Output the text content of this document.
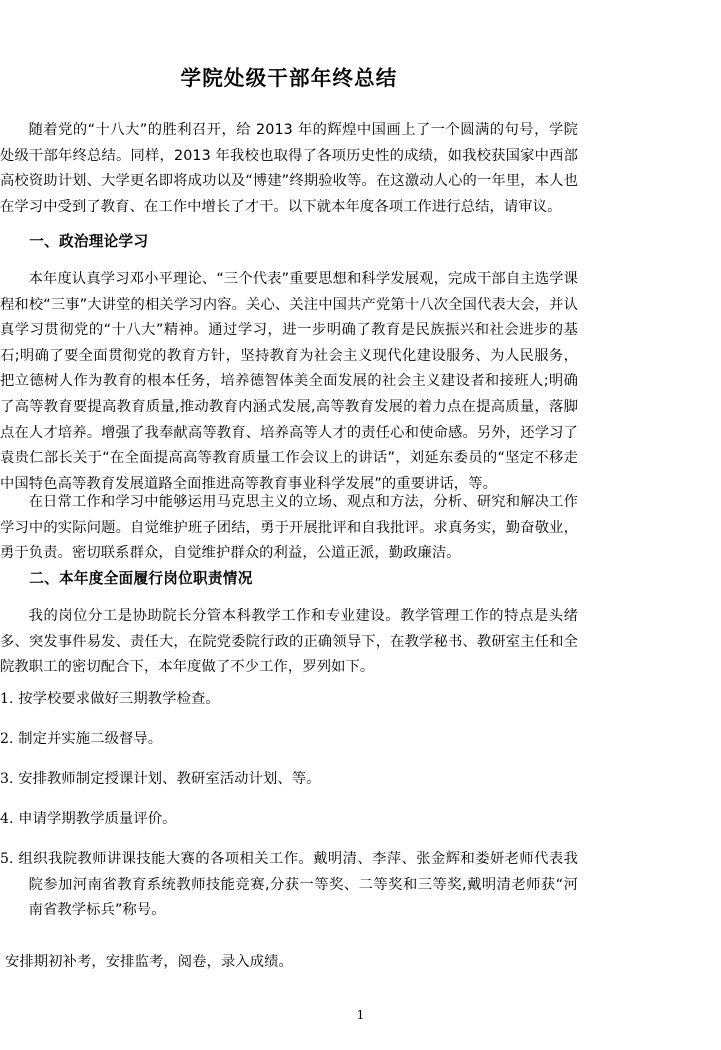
学院处级干部年终总结

随着党的“十八大”的胜利召开，给 2013 年的辉煌中国画上了一个圆满的句号，学院处级干部年终总结。同样，2013 年我校也取得了各项历史性的成绩，如我校获国家中西部高校资助计划、大学更名即将成功以及“博建”终期验收等。在这激动人心的一年里，本人也在学习中受到了教育、在工作中增长了才干。以下就本年度各项工作进行总结，请审议。

一、政治理论学习

本年度认真学习邓小平理论、“三个代表”重要思想和科学发展观，完成干部自主选学课程和校“三事”大讲堂的相关学习内容。关心、关注中国共产党第十八次全国代表大会，并认真学习贯彻党的“十八大”精神。通过学习，进一步明确了教育是民族振兴和社会进步的基石;明确了要全面贯彻党的教育方针，坚持教育为社会主义现代化建设服务、为人民服务，把立德树人作为教育的根本任务，培养德智体美全面发展的社会主义建设者和接班人;明确了高等教育要提高教育质量,推动教育内涵式发展,高等教育发展的着力点在提高质量，落脚点在人才培养。增强了我奉献高等教育、培养高等人才的责任心和使命感。另外，还学习了袁贵仁部长关于“在全面提高高等教育质量工作会议上的讲话”，刘延东委员的“坚定不移走中国特色高等教育发展道路全面推进高等教育事业科学发展”的重要讲话，等。

在日常工作和学习中能够运用马克思主义的立场、观点和方法，分析、研究和解决工作学习中的实际问题。自觉维护班子团结，勇于开展批评和自我批评。求真务实，勤奋敬业，勇于负责。密切联系群众，自觉维护群众的利益，公道正派，勤政廉洁。

二、本年度全面履行岗位职责情况

我的岗位分工是协助院长分管本科教学工作和专业建设。教学管理工作的特点是头绪多、突发事件易发、责任大，在院党委院行政的正确领导下，在教学秘书、教研室主任和全院教职工的密切配合下，本年度做了不少工作，罗列如下。

1. 按学校要求做好三期教学检查。
2. 制定并实施二级督导。
3. 安排教师制定授课计划、教研室活动计划、等。
4. 申请学期教学质量评价。
5. 组织我院教师讲课技能大赛的各项相关工作。戴明清、李萍、张金辉和娄妍老师代表我院参加河南省教育系统教师技能竞赛,分获一等奖、二等奖和三等奖,戴明清老师获“河南省教学标兵”称号。

安排期初补考，安排监考，阅卷，录入成绩。

1
